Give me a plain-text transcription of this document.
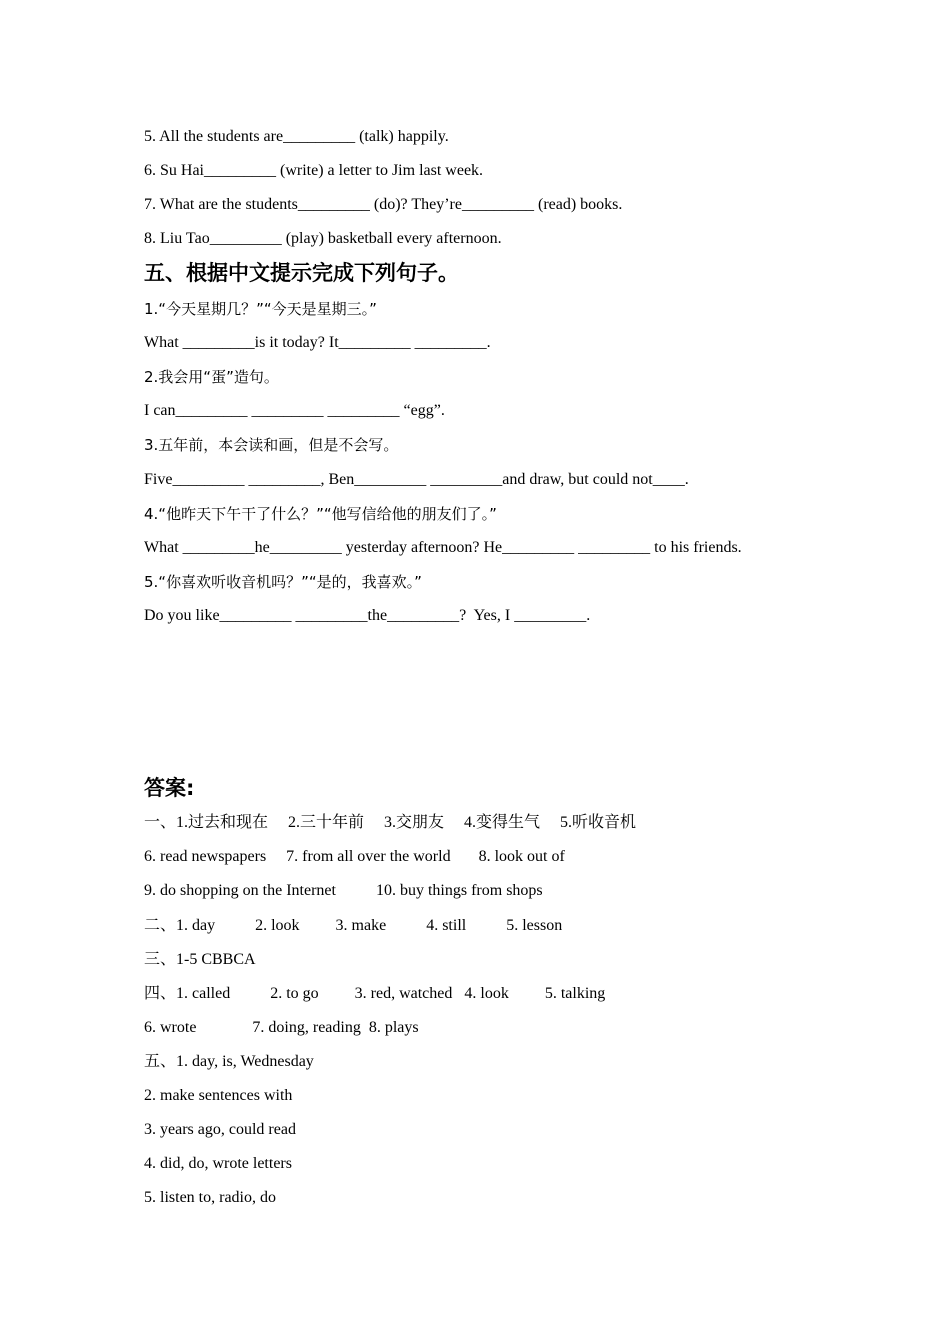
5. All the students are_________ (talk) happily.
6. Su Hai_________ (write) a letter to Jim last week.
7. What are the students_________ (do)? They’re_________ (read) books.
8. Liu Tao_________ (play) basketball every afternoon.
五、根据中文提示完成下列句子。
1.“今天星期几？”“今天是星期三。”
What _________is it today? It_________ _________.
2.我会用“蛋”造句。
I can_________ _________ _________ “egg”.
3.五年前，本会读和画，但是不会写。
Five_________ _________, Ben_________ _________and draw, but could not____.
4.“他昨天下午干了什么？”“他写信给他的朋友们了。”
What _________he_________ yesterday afternoon? He_________ _________ to his friends.
5.“你喜欢听收音机吗？”“是的，我喜欢。”
Do you like_________ _________the_________?  Yes, I _________.
答案:
一、1.过去和现在     2.三十年前     3.交朋友     4.变得生气     5.听收音机
6. read newspapers     7. from all over the world       8. look out of
9. do shopping on the Internet          10. buy things from shops
二、1. day          2. look         3. make          4. still          5. lesson
三、1-5 CBBCA
四、1. called          2. to go         3. red, watched   4. look         5. talking
6. wrote              7. doing, reading  8. plays
五、1. day, is, Wednesday
2. make sentences with
3. years ago, could read
4. did, do, wrote letters
5. listen to, radio, do
